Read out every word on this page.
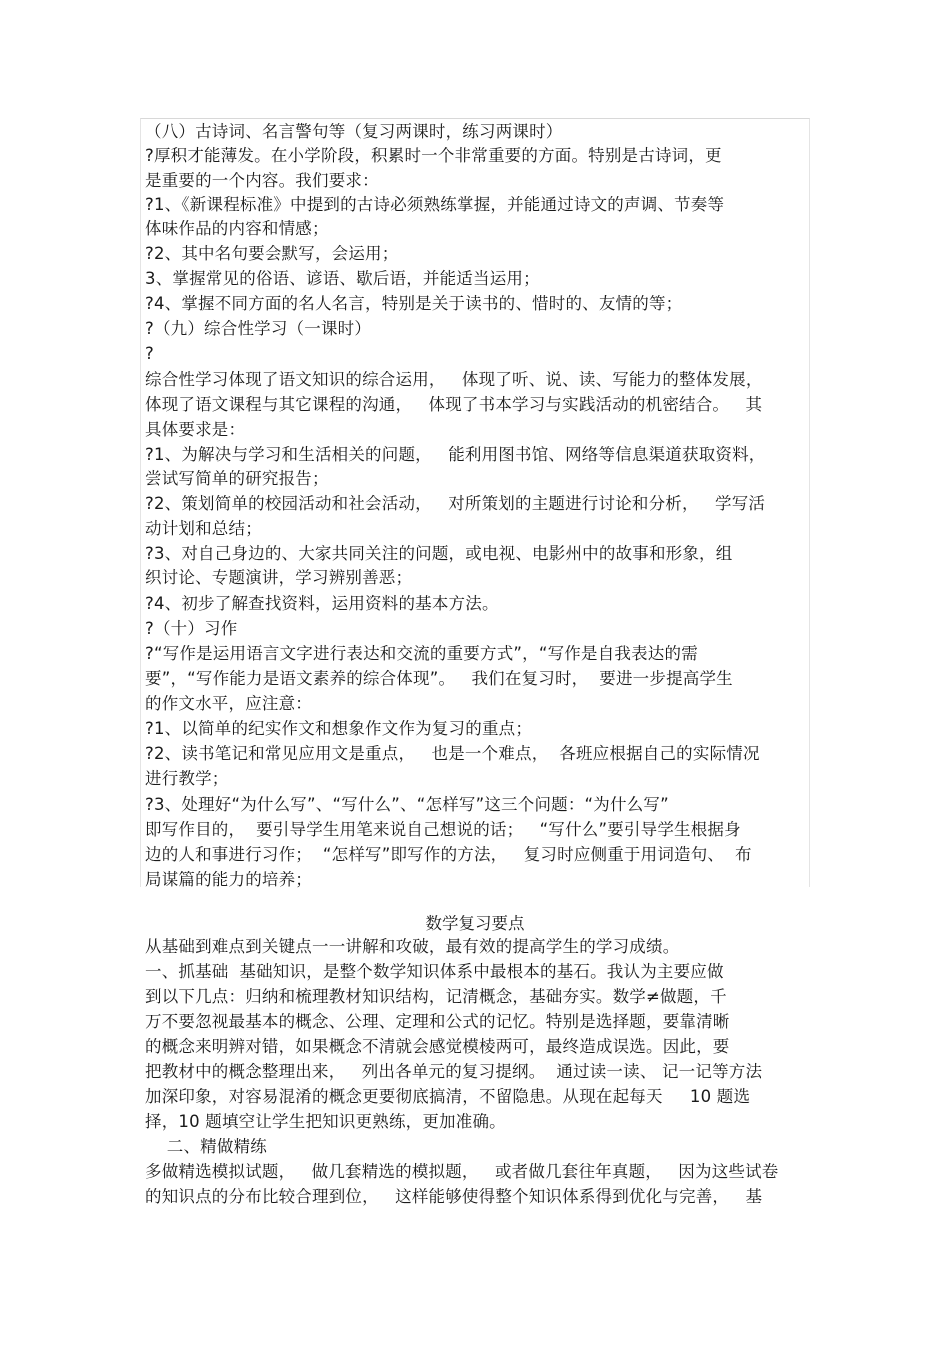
（八）古诗词、名言警句等（复习两课时，练习两课时）
?厚积才能薄发。在小学阶段，积累时一个非常重要的方面。特别是古诗词，更
是重要的一个内容。我们要求：
?1、《新课程标准》中提到的古诗必须熟练掌握，并能通过诗文的声调、节奏等
体味作品的内容和情感；
?2、其中名句要会默写，会运用；
3、掌握常见的俗语、谚语、歇后语，并能适当运用；
?4、掌握不同方面的名人名言，特别是关于读书的、惜时的、友情的等；
?（九）综合性学习（一课时）
?
综合性学习体现了语文知识的综合运用，   体现了听、说、读、写能力的整体发展，
体现了语文课程与其它课程的沟通，   体现了书本学习与实践活动的机密结合。   其
具体要求是：
?1、为解决与学习和生活相关的问题，   能利用图书馆、网络等信息渠道获取资料，
尝试写简单的研究报告；
?2、策划简单的校园活动和社会活动，   对所策划的主题进行讨论和分析，   学写活
动计划和总结；
?3、对自己身边的、大家共同关注的问题，或电视、电影州中的故事和形象，组
织讨论、专题演讲，学习辨别善恶；
?4、初步了解查找资料，运用资料的基本方法。
?（十）习作
?“写作是运用语言文字进行表达和交流的重要方式”，“写作是自我表达的需
要”，“写作能力是语文素养的综合体现”。   我们在复习时，  要进一步提高学生
的作文水平，应注意：
?1、以简单的纪实作文和想象作文作为复习的重点；
?2、读书笔记和常见应用文是重点，   也是一个难点，  各班应根据自己的实际情况
进行教学；
?3、处理好“为什么写”、“写什么”、“怎样写”这三个问题：“为什么写”
即写作目的，  要引导学生用笔来说自己想说的话；   “写什么”要引导学生根据身
边的人和事进行习作；  “怎样写”即写作的方法，   复习时应侧重于用词造句、  布
局谋篇的能力的培养；
数学复习要点
从基础到难点到关键点一一讲解和攻破，最有效的提高学生的学习成绩。
一、抓基础  基础知识，是整个数学知识体系中最根本的基石。我认为主要应做
到以下几点：归纳和梳理教材知识结构，记清概念，基础夯实。数学≠做题，千
万不要忽视最基本的概念、公理、定理和公式的记忆。特别是选择题，要靠清晰
的概念来明辨对错，如果概念不清就会感觉模棱两可，最终造成误选。因此，要
把教材中的概念整理出来，   列出各单元的复习提纲。  通过读一读、 记一记等方法
加深印象，对容易混淆的概念更要彻底搞清，不留隐患。从现在起每天     10 题选
择，10 题填空让学生把知识更熟练，更加准确。
二、精做精练
多做精选模拟试题，   做几套精选的模拟题，   或者做几套往年真题，   因为这些试卷
的知识点的分布比较合理到位，   这样能够使得整个知识体系得到优化与完善，   基
